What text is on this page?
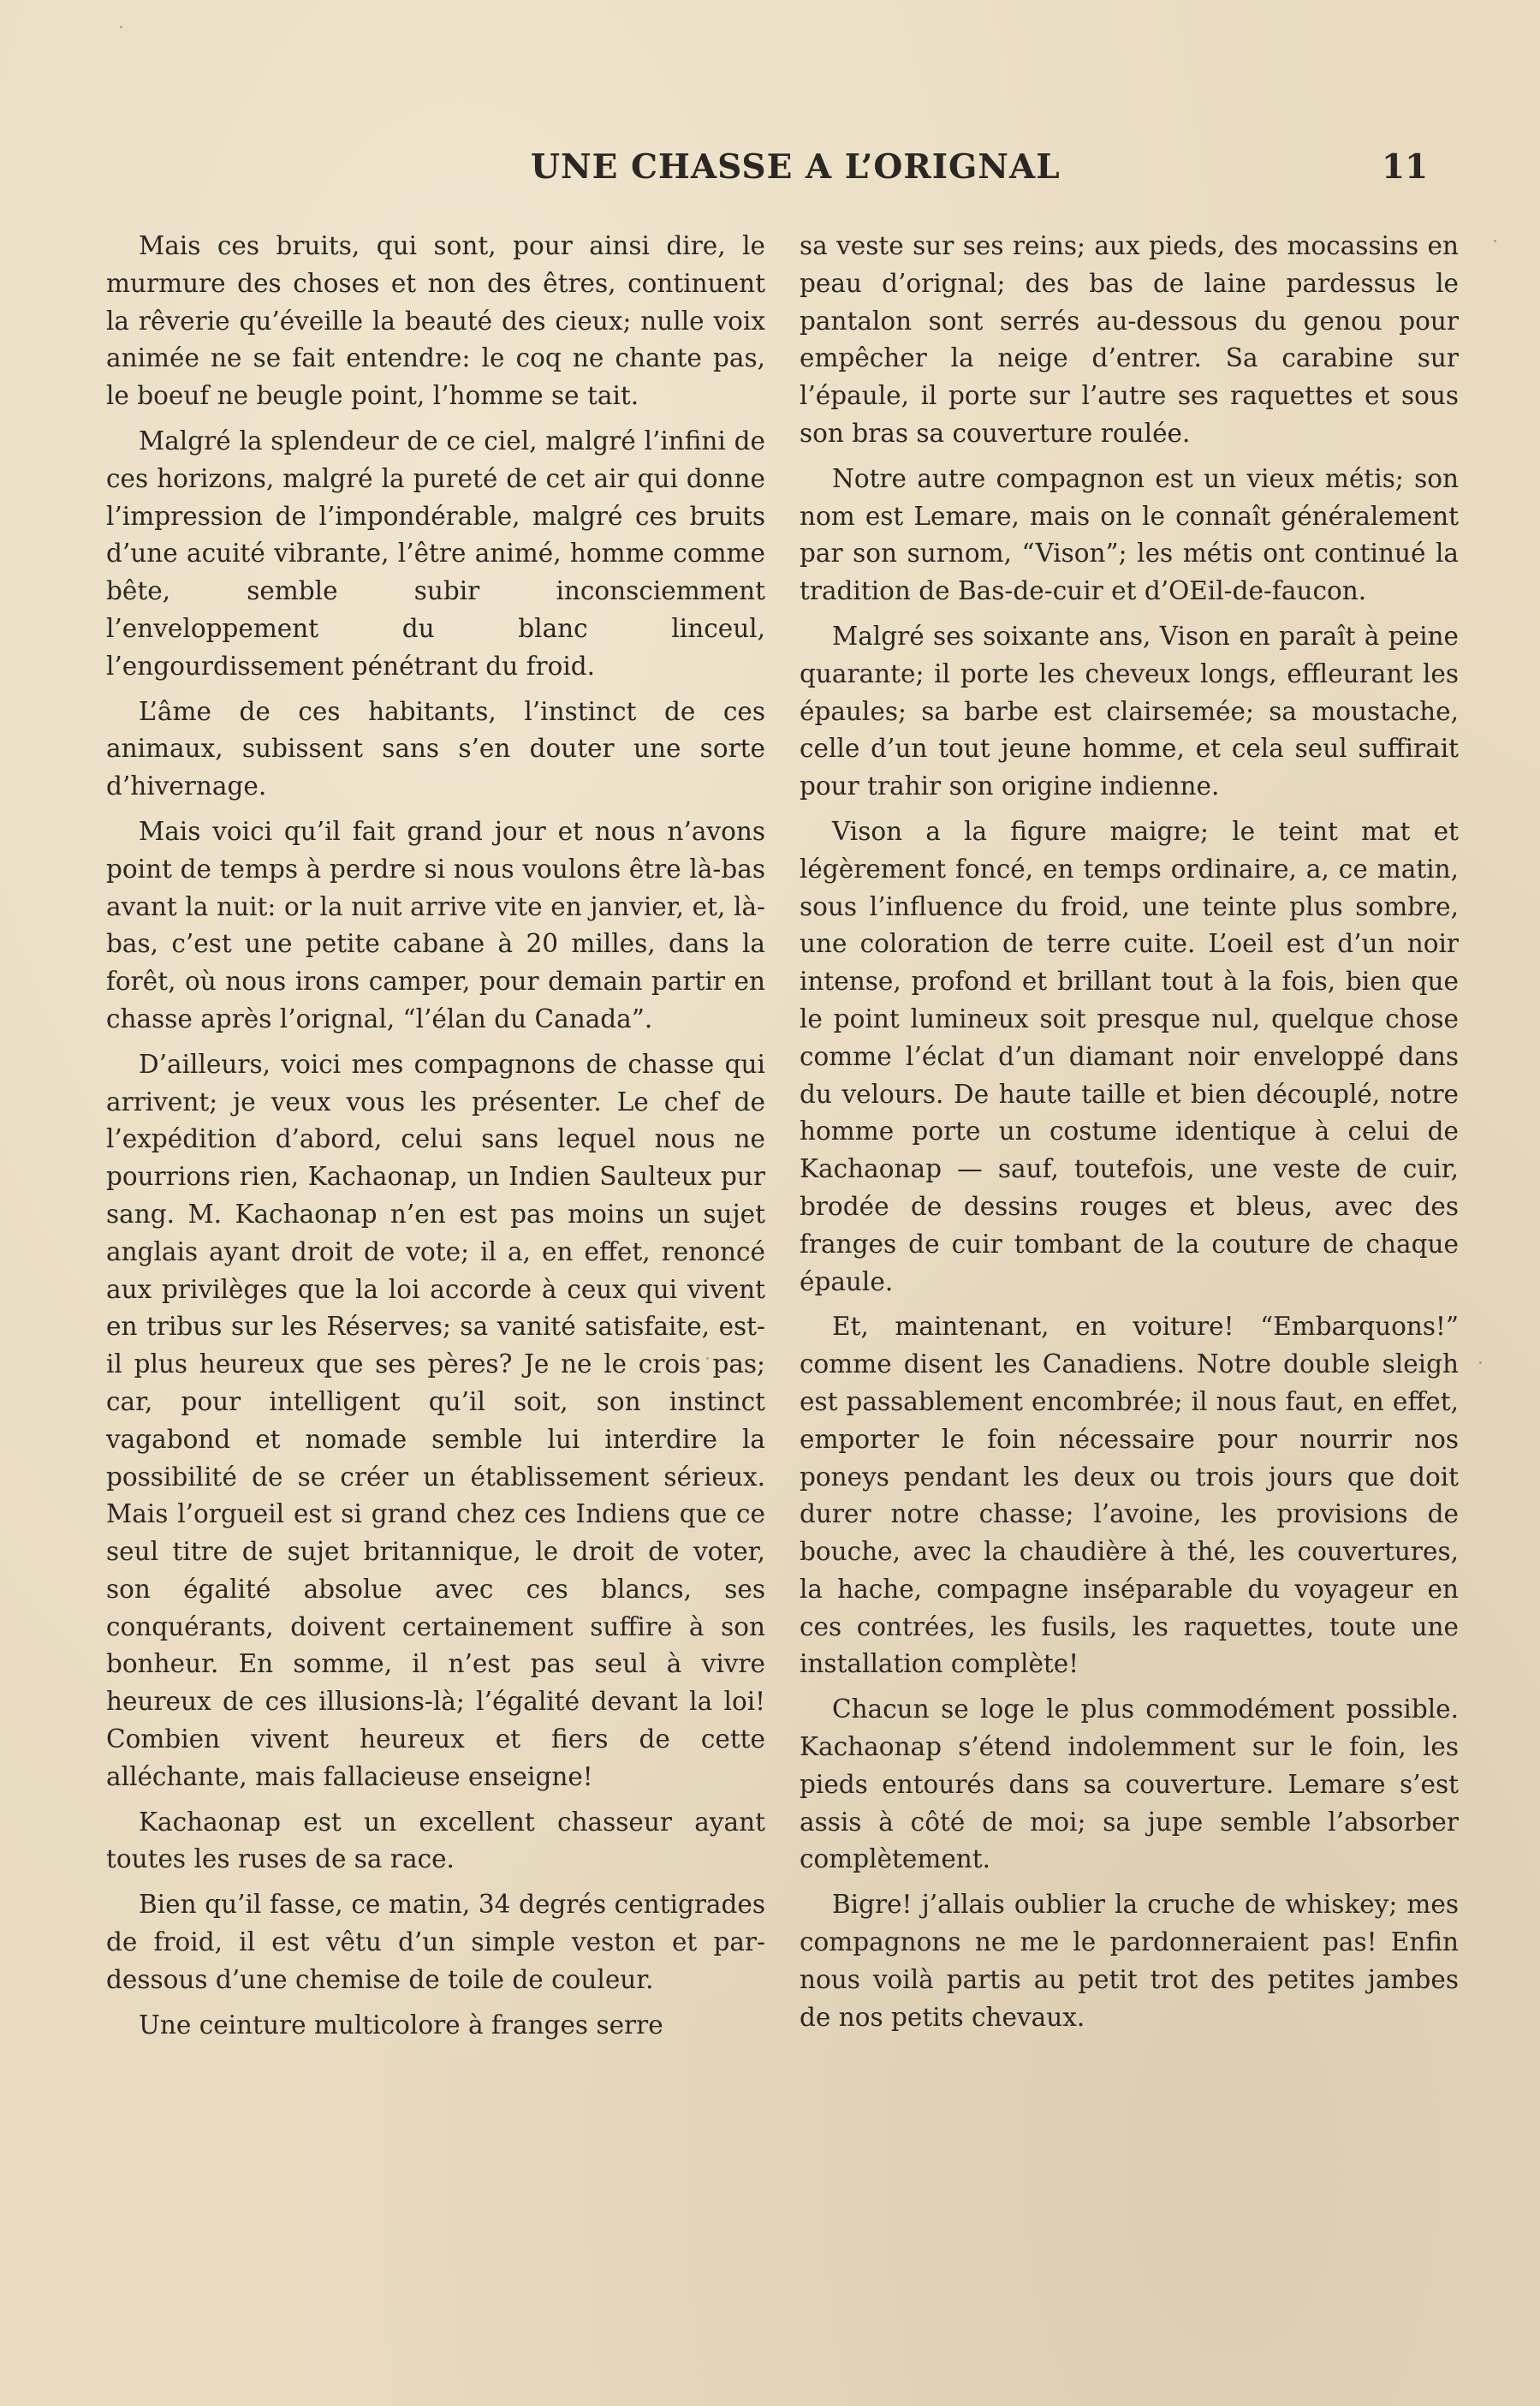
UNE CHASSE A L’ORIGNAL	11

Mais ces bruits, qui sont, pour ainsi dire, le murmure des choses et non des êtres, continuent la rêverie qu’éveille la beauté des cieux; nulle voix animée ne se fait entendre: le coq ne chante pas, le boeuf ne beugle point, l’homme se tait.

Malgré la splendeur de ce ciel, malgré l’infini de ces horizons, malgré la pureté de cet air qui donne l’impression de l’impondérable, malgré ces bruits d’une acuité vibrante, l’être animé, homme comme bête, semble subir inconsciemment l’enveloppement du blanc linceul, l’engourdissement pénétrant du froid.

L’âme de ces habitants, l’instinct de ces animaux, subissent sans s’en douter une sorte d’hivernage.

Mais voici qu’il fait grand jour et nous n’avons point de temps à perdre si nous voulons être là-bas avant la nuit: or la nuit arrive vite en janvier, et, là-bas, c’est une petite cabane à 20 milles, dans la forêt, où nous irons camper, pour demain partir en chasse après l’orignal, “l’élan du Canada”.

D’ailleurs, voici mes compagnons de chasse qui arrivent; je veux vous les présenter. Le chef de l’expédition d’abord, celui sans lequel nous ne pourrions rien, Kachaonap, un Indien Saulteux pur sang. M. Kachaonap n’en est pas moins un sujet anglais ayant droit de vote; il a, en effet, renoncé aux privilèges que la loi accorde à ceux qui vivent en tribus sur les Réserves; sa vanité satisfaite, est-il plus heureux que ses pères? Je ne le crois pas; car, pour intelligent qu’il soit, son instinct vagabond et nomade semble lui interdire la possibilité de se créer un établissement sérieux. Mais l’orgueil est si grand chez ces Indiens que ce seul titre de sujet britannique, le droit de voter, son égalité absolue avec ces blancs, ses conquérants, doivent certainement suffire à son bonheur. En somme, il n’est pas seul à vivre heureux de ces illusions-là; l’égalité devant la loi! Combien vivent heureux et fiers de cette alléchante, mais fallacieuse enseigne!

Kachaonap est un excellent chasseur ayant toutes les ruses de sa race.

Bien qu’il fasse, ce matin, 34 degrés centigrades de froid, il est vêtu d’un simple veston et par-dessous d’une chemise de toile de couleur.

Une ceinture multicolore à franges serre

sa veste sur ses reins; aux pieds, des mocassins en peau d’orignal; des bas de laine pardessus le pantalon sont serrés au-dessous du genou pour empêcher la neige d’entrer. Sa carabine sur l’épaule, il porte sur l’autre ses raquettes et sous son bras sa couverture roulée.

Notre autre compagnon est un vieux métis; son nom est Lemare, mais on le connaît généralement par son surnom, “Vison”; les métis ont continué la tradition de Bas-de-cuir et d’OEil-de-faucon.

Malgré ses soixante ans, Vison en paraît à peine quarante; il porte les cheveux longs, effleurant les épaules; sa barbe est clairsemée; sa moustache, celle d’un tout jeune homme, et cela seul suffirait pour trahir son origine indienne.

Vison a la figure maigre; le teint mat et légèrement foncé, en temps ordinaire, a, ce matin, sous l’influence du froid, une teinte plus sombre, une coloration de terre cuite. L’oeil est d’un noir intense, profond et brillant tout à la fois, bien que le point lumineux soit presque nul, quelque chose comme l’éclat d’un diamant noir enveloppé dans du velours. De haute taille et bien découplé, notre homme porte un costume identique à celui de Kachaonap — sauf, toutefois, une veste de cuir, brodée de dessins rouges et bleus, avec des franges de cuir tombant de la couture de chaque épaule.

Et, maintenant, en voiture! “Embarquons!” comme disent les Canadiens. Notre double sleigh est passablement encombrée; il nous faut, en effet, emporter le foin nécessaire pour nourrir nos poneys pendant les deux ou trois jours que doit durer notre chasse; l’avoine, les provisions de bouche, avec la chaudière à thé, les couvertures, la hache, compagne inséparable du voyageur en ces contrées, les fusils, les raquettes, toute une installation complète!

Chacun se loge le plus commodément possible. Kachaonap s’étend indolemment sur le foin, les pieds entourés dans sa couverture. Lemare s’est assis à côté de moi; sa jupe semble l’absorber complètement.

Bigre! j’allais oublier la cruche de whiskey; mes compagnons ne me le pardonneraient pas! Enfin nous voilà partis au petit trot des petites jambes de nos petits chevaux.
